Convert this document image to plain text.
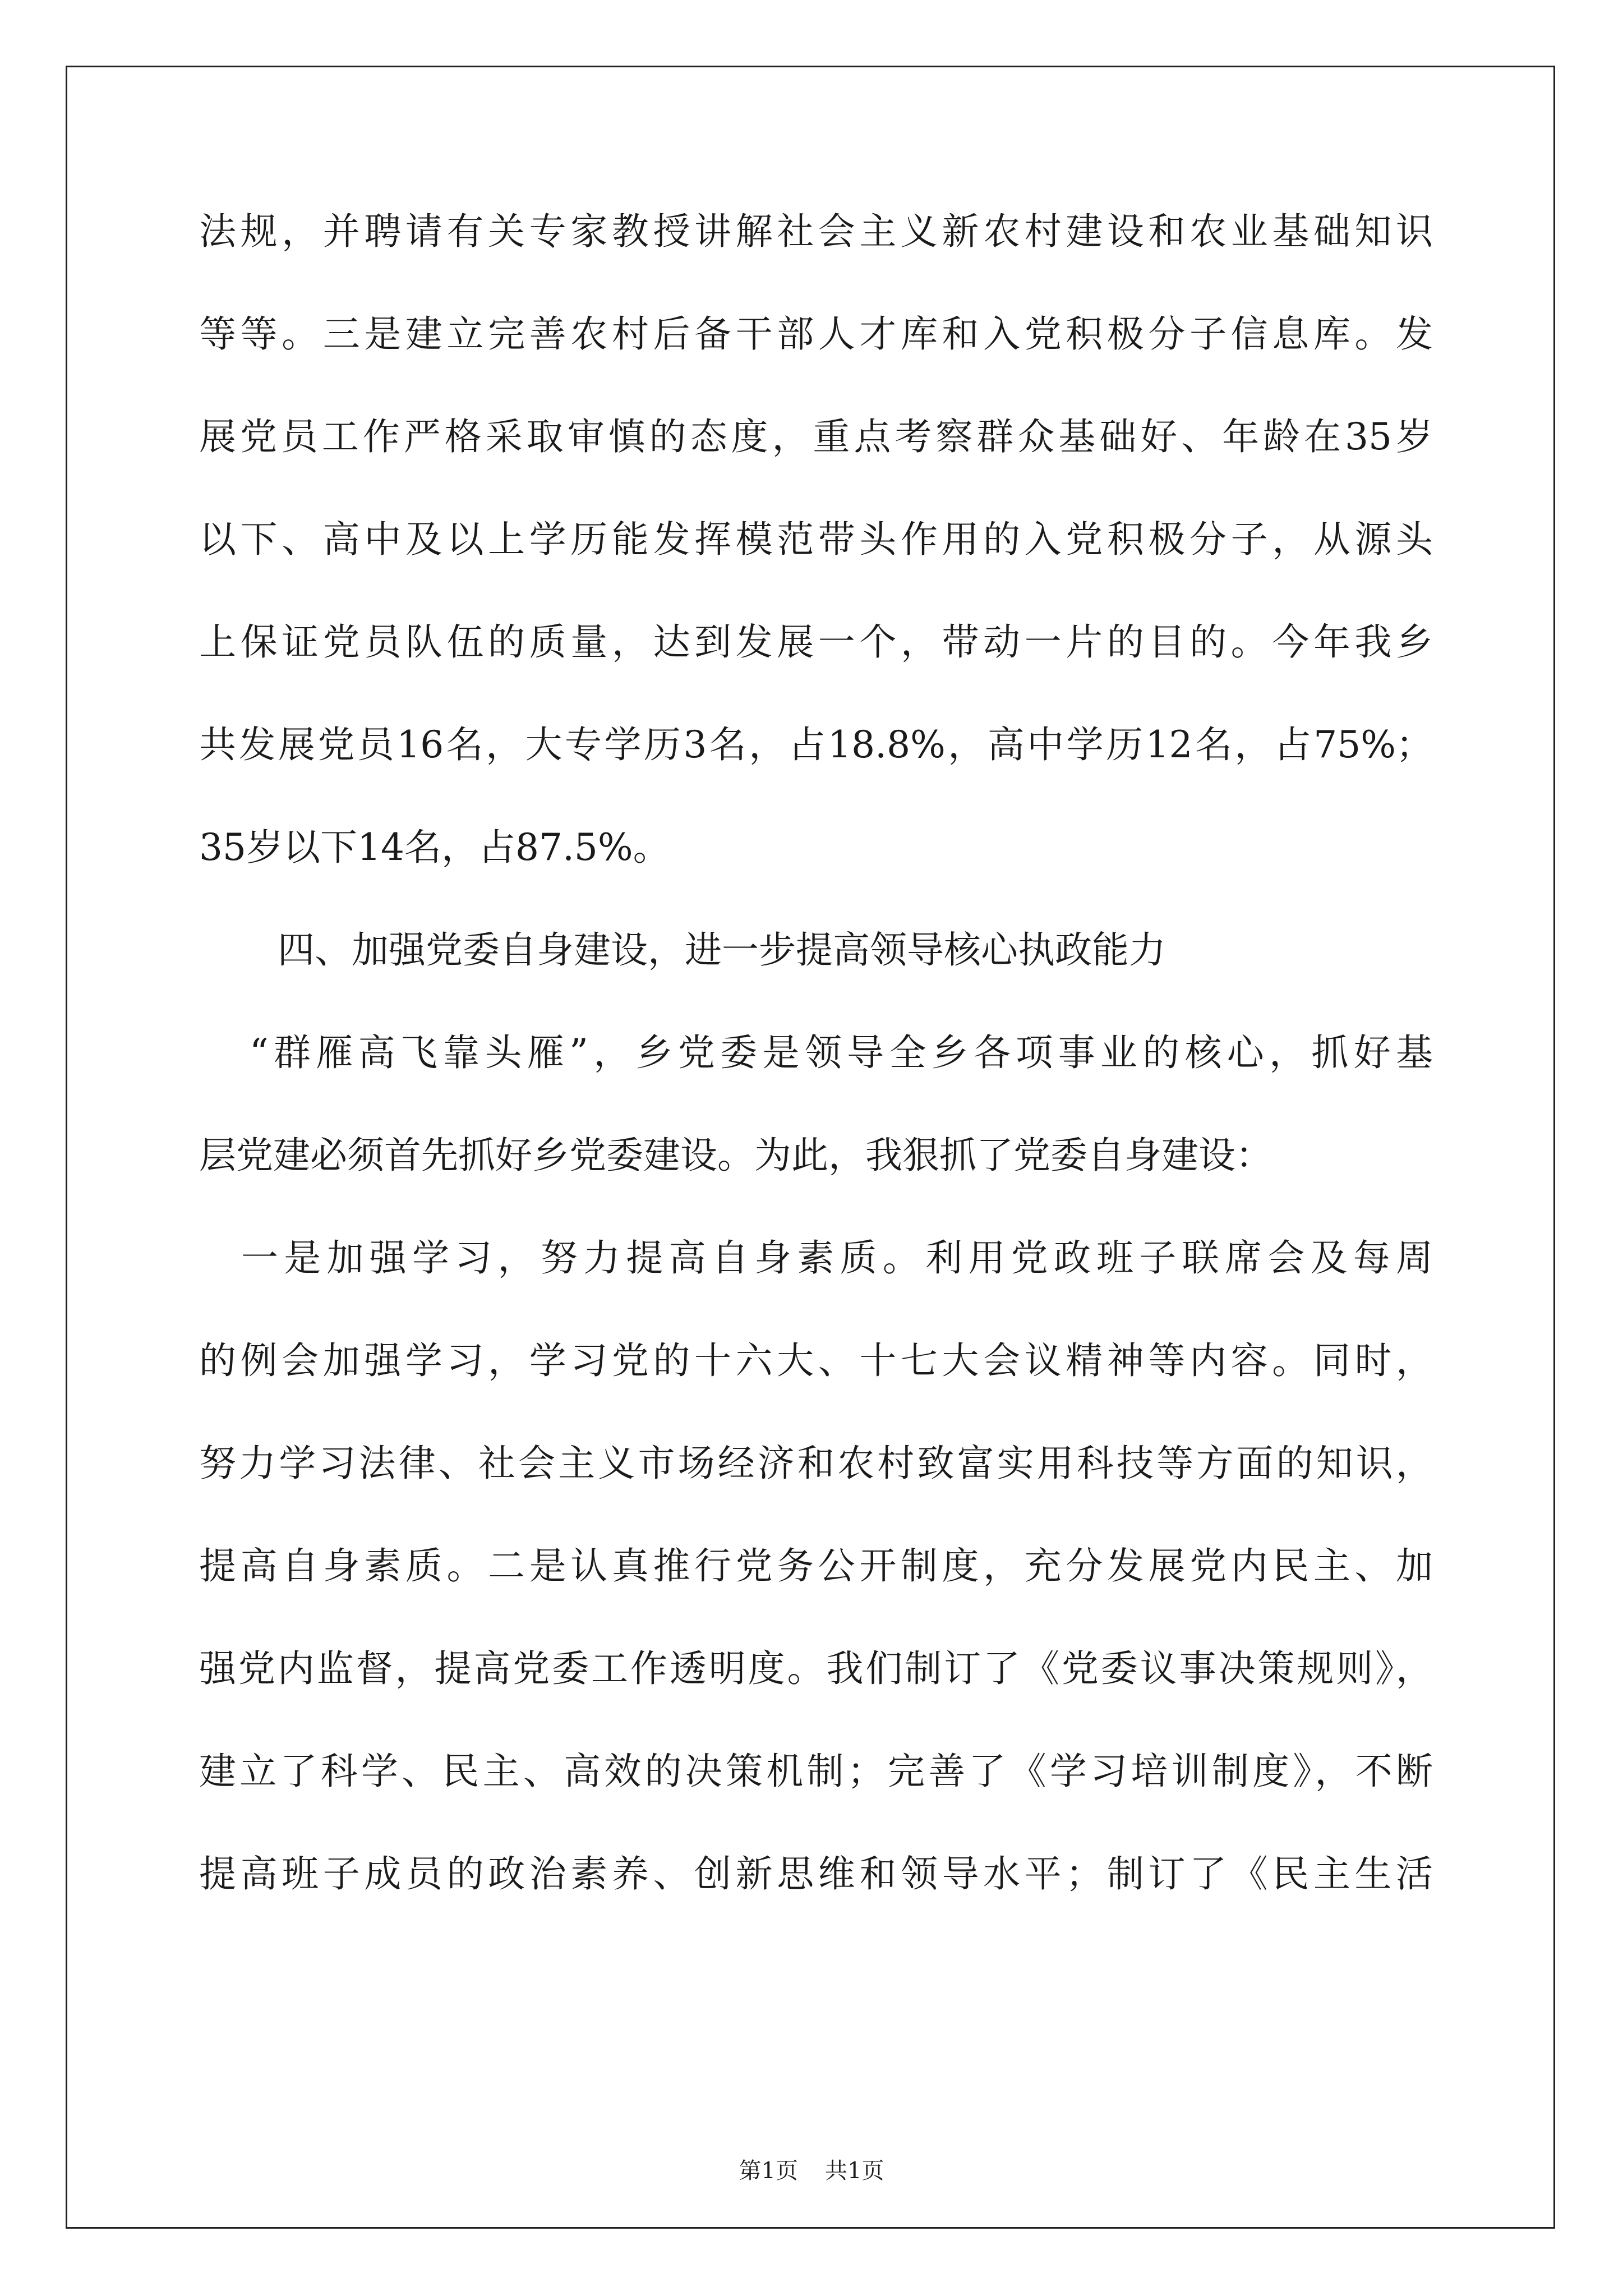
法规，并聘请有关专家教授讲解社会主义新农村建设和农业基础知识
等等。三是建立完善农村后备干部人才库和入党积极分子信息库。发
展党员工作严格采取审慎的态度，重点考察群众基础好、年龄在35岁
以下、高中及以上学历能发挥模范带头作用的入党积极分子，从源头
上保证党员队伍的质量，达到发展一个，带动一片的目的。今年我乡
共发展党员16名，大专学历3名，占18.8%，高中学历12名，占75%；
35岁以下14名，占87.5%。
四、加强党委自身建设，进一步提高领导核心执政能力
“群雁高飞靠头雁”，乡党委是领导全乡各项事业的核心，抓好基
层党建必须首先抓好乡党委建设。为此，我狠抓了党委自身建设：
一是加强学习，努力提高自身素质。利用党政班子联席会及每周
的例会加强学习，学习党的十六大、十七大会议精神等内容。同时，
努力学习法律、社会主义市场经济和农村致富实用科技等方面的知识，
提高自身素质。二是认真推行党务公开制度，充分发展党内民主、加
强党内监督，提高党委工作透明度。我们制订了《党委议事决策规则》，
建立了科学、民主、高效的决策机制；完善了《学习培训制度》，不断
提高班子成员的政治素养、创新思维和领导水平；制订了《民主生活
第1页 共1页
